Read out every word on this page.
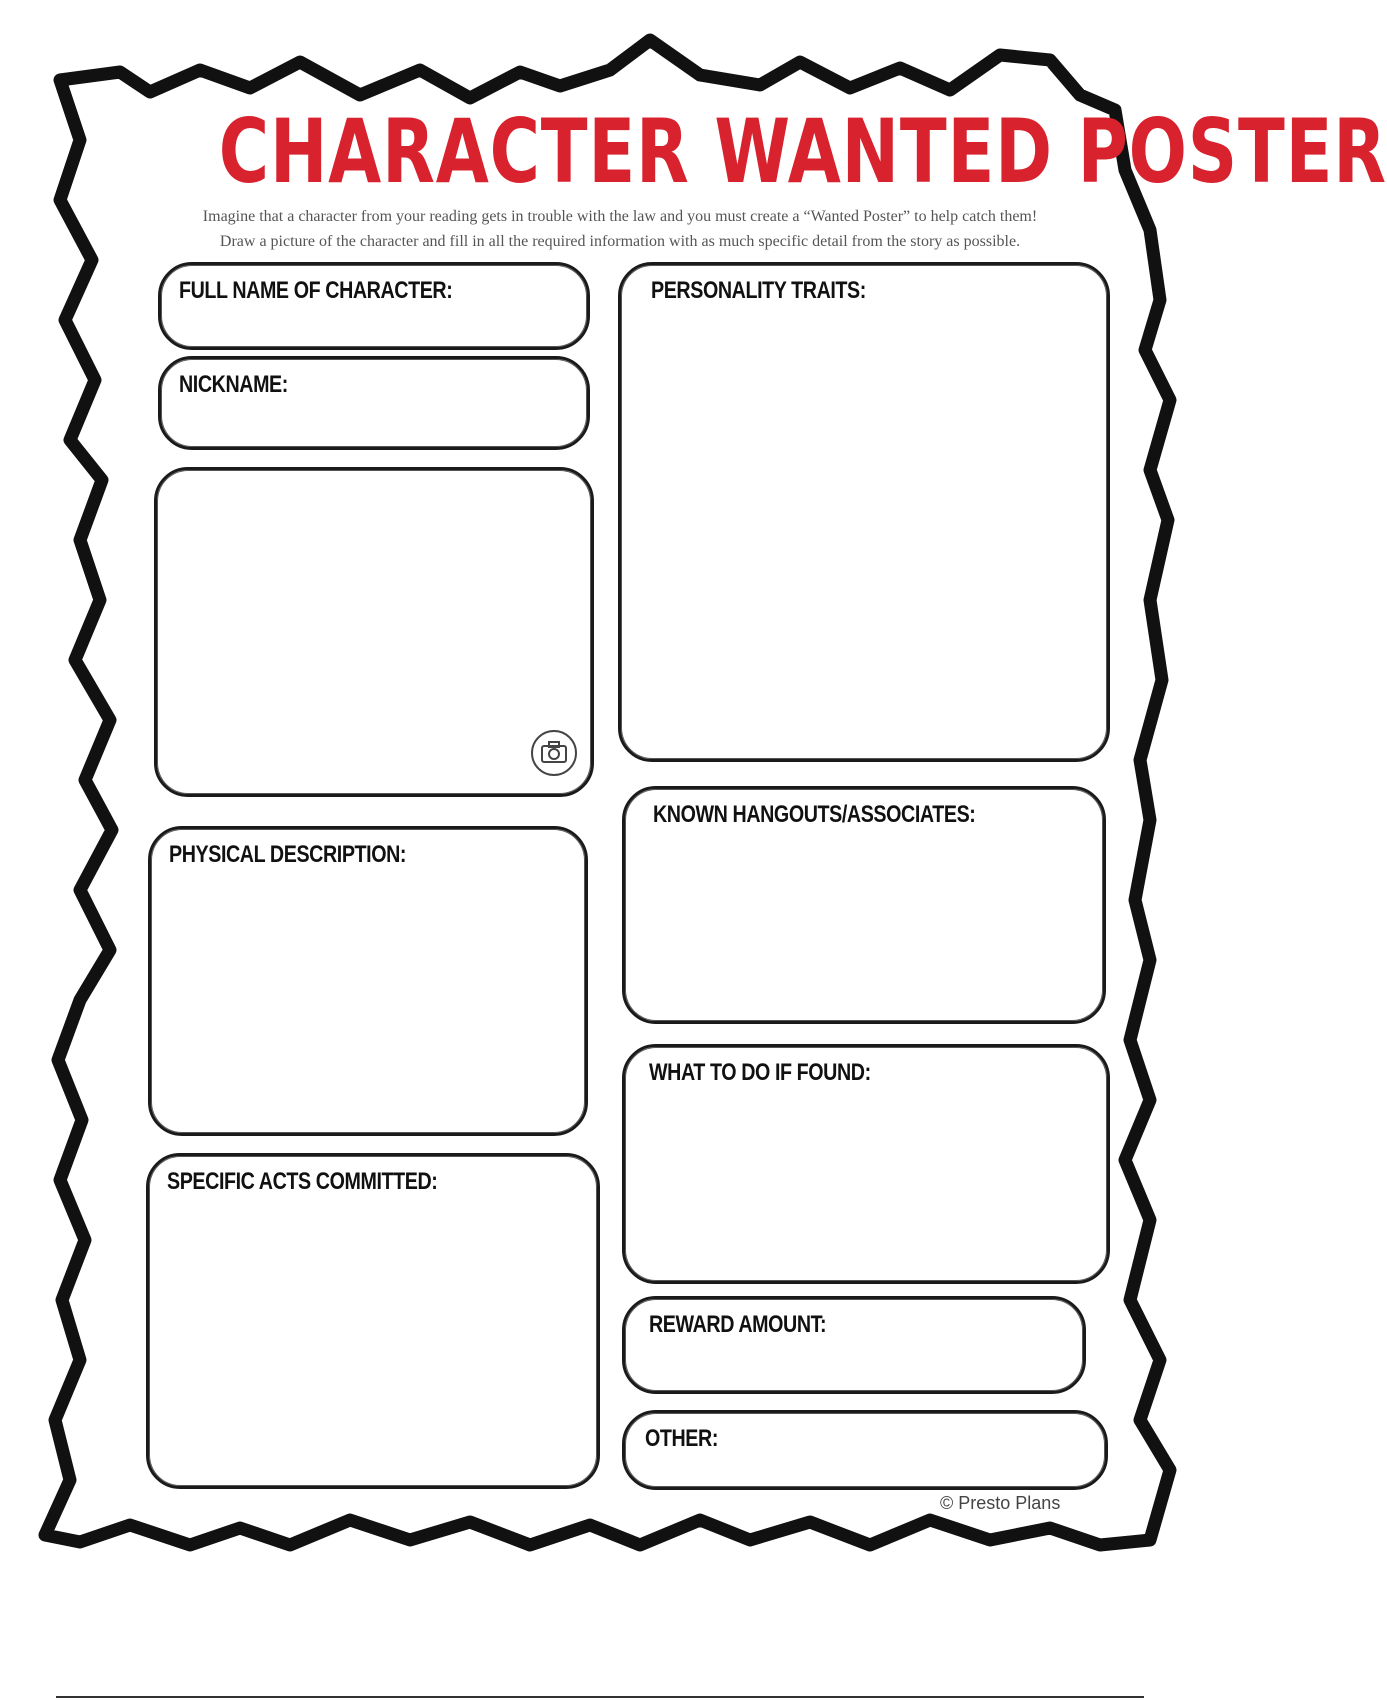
CHARACTER WANTED POSTER
Imagine that a character from your reading gets in trouble with the law and you must create a “Wanted Poster” to help catch them!
Draw a picture of the character and fill in all the required information with as much specific detail from the story as possible.
FULL NAME OF CHARACTER:
NICKNAME:
PHYSICAL DESCRIPTION:
SPECIFIC ACTS COMMITTED:
PERSONALITY TRAITS:
KNOWN HANGOUTS/ASSOCIATES:
WHAT TO DO IF FOUND:
REWARD AMOUNT:
OTHER:
© Presto Plans
